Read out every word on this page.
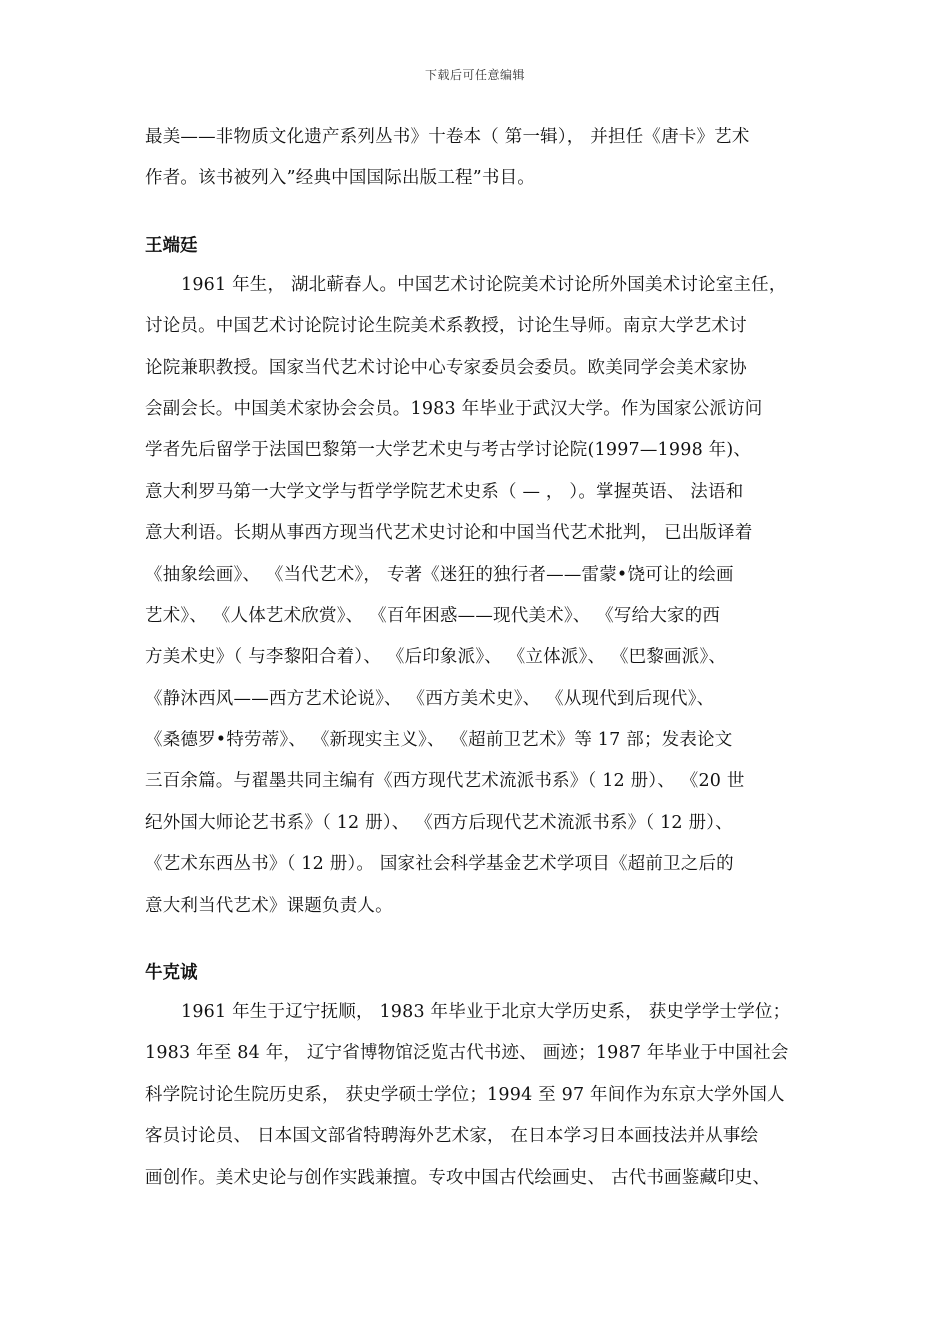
下载后可任意编辑
最美——非物质文化遗产系列丛书》十卷本（ 第一辑）， 并担任《唐卡》艺术
作者。该书被列入”经典中国国际出版工程”书目。
王端廷
1961 年生， 湖北蕲春人。中国艺术讨论院美术讨论所外国美术讨论室主任，
讨论员。中国艺术讨论院讨论生院美术系教授，讨论生导师。南京大学艺术讨
论院兼职教授。国家当代艺术讨论中心专家委员会委员。欧美同学会美术家协
会副会长。中国美术家协会会员。1983 年毕业于武汉大学。作为国家公派访问
学者先后留学于法国巴黎第一大学艺术史与考古学讨论院(1997—1998 年)、
意大利罗马第一大学文学与哲学学院艺术史系（ — ， ）。掌握英语、 法语和
意大利语。长期从事西方现当代艺术史讨论和中国当代艺术批判， 已出版译着
《抽象绘画》、 《当代艺术》， 专著《迷狂的独行者——雷蒙•饶可让的绘画
艺术》、 《人体艺术欣赏》、 《百年困惑——现代美术》、 《写给大家的西
方美术史》（ 与李黎阳合着）、 《后印象派》、 《立体派》、 《巴黎画派》、
《静沐西风——西方艺术论说》、 《西方美术史》、 《从现代到后现代》、
《桑德罗•特劳蒂》、 《新现实主义》、 《超前卫艺术》等 17 部；发表论文
三百余篇。与翟墨共同主编有《西方现代艺术流派书系》（ 12 册）、 《20 世
纪外国大师论艺书系》（ 12 册）、 《西方后现代艺术流派书系》（ 12 册）、
《艺术东西丛书》（ 12 册）。 国家社会科学基金艺术学项目《超前卫之后的
意大利当代艺术》课题负责人。
牛克诚
1961 年生于辽宁抚顺， 1983 年毕业于北京大学历史系， 获史学学士学位；
1983 年至 84 年， 辽宁省博物馆泛览古代书迹、 画迹；1987 年毕业于中国社会
科学院讨论生院历史系， 获史学硕士学位；1994 至 97 年间作为东京大学外国人
客员讨论员、 日本国文部省特聘海外艺术家， 在日本学习日本画技法并从事绘
画创作。美术史论与创作实践兼擅。专攻中国古代绘画史、 古代书画鉴藏印史、
